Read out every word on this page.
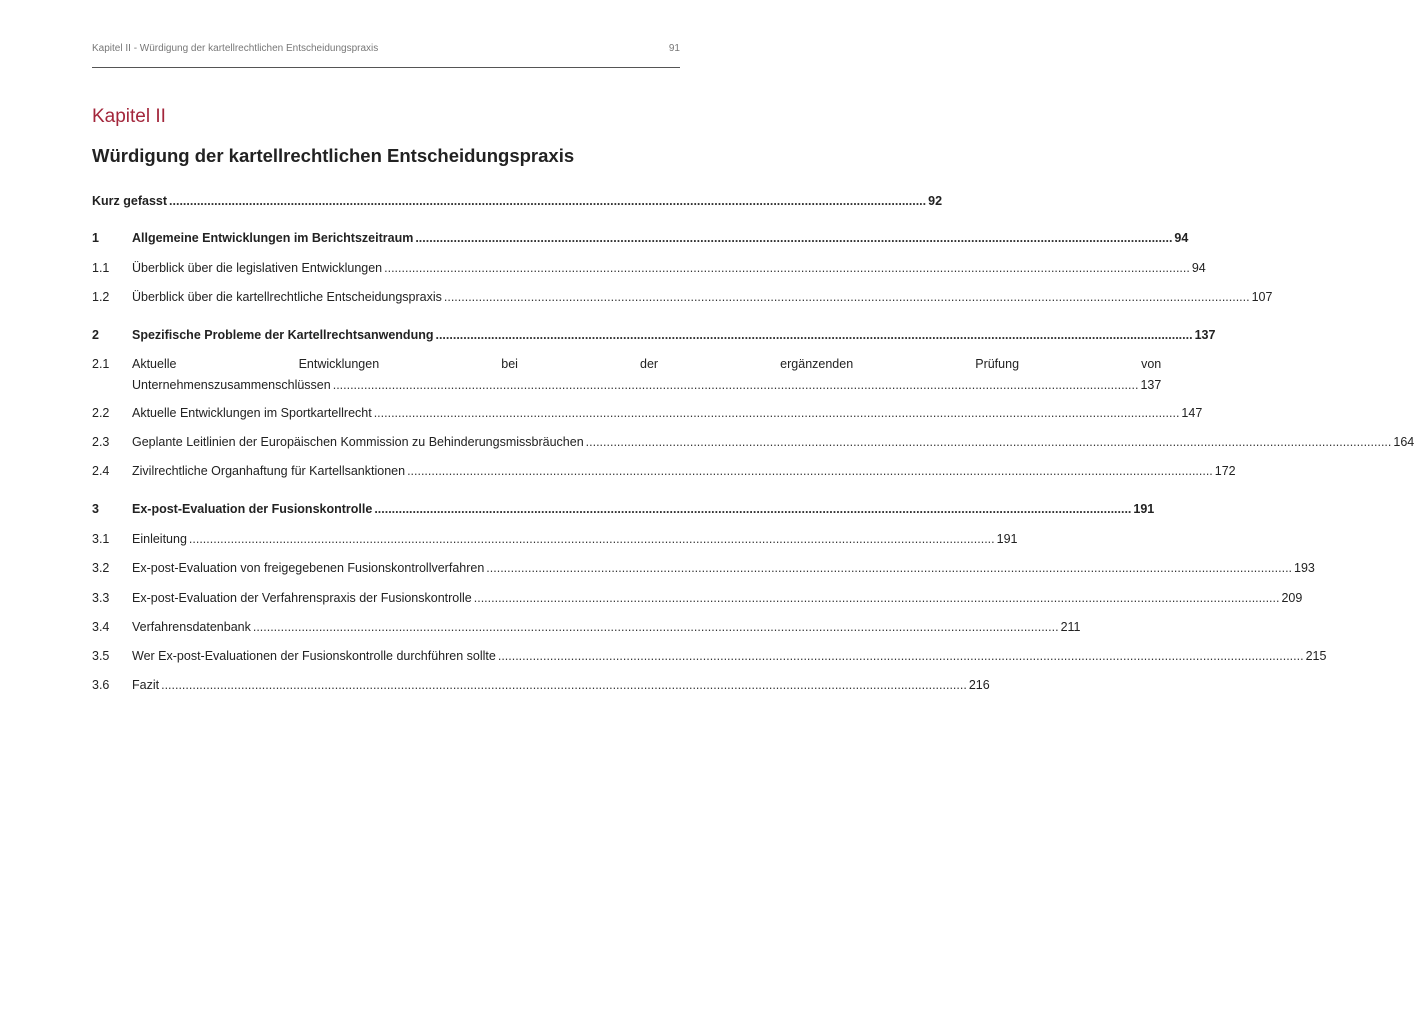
Kapitel II - Würdigung der kartellrechtlichen Entscheidungspraxis	91
Kapitel II
Würdigung der kartellrechtlichen Entscheidungspraxis
Kurz gefasst .....	92
1	Allgemeine Entwicklungen im Berichtszeitraum .....	94
1.1	Überblick über die legislativen Entwicklungen .....	94
1.2	Überblick über die kartellrechtliche Entscheidungspraxis .....	107
2	Spezifische Probleme der Kartellrechtsanwendung .....	137
2.1	Aktuelle	Entwicklungen	bei	der	ergänzenden	Prüfung	von
Unternehmenszusammenschlüssen .....	137
2.2	Aktuelle Entwicklungen im Sportkartellrecht .....	147
2.3	Geplante Leitlinien der Europäischen Kommission zu Behinderungsmissbräuchen .....	164
2.4	Zivilrechtliche Organhaftung für Kartellsanktionen .....	172
3	Ex-post-Evaluation der Fusionskontrolle .....	191
3.1	Einleitung .....	191
3.2	Ex-post-Evaluation von freigegebenen Fusionskontrollverfahren .....	193
3.3	Ex-post-Evaluation der Verfahrenspraxis der Fusionskontrolle .....	209
3.4	Verfahrensdatenbank .....	211
3.5	Wer Ex-post-Evaluationen der Fusionskontrolle durchführen sollte .....	215
3.6	Fazit .....	216
